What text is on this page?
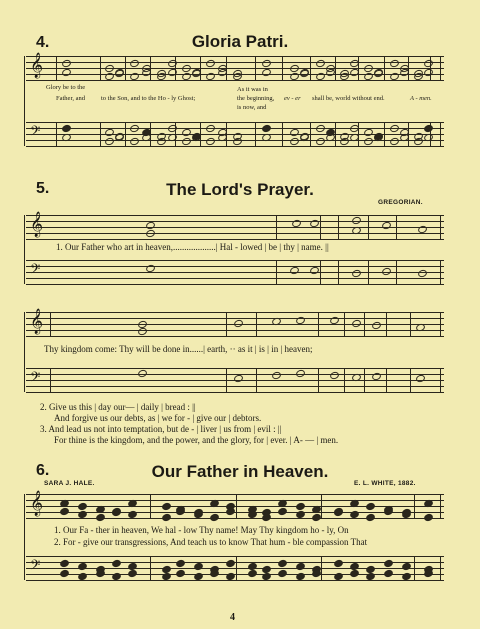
4.	Gloria Patri.
𝄞
Glory be to the
Father, and to the Son, and to the Ho - ly Ghost;
As it was in
the beginning,
is now, and
ev - er shall be, world without end.	A - men.
𝄢
5.	The Lord's Prayer.
GREGORIAN.
𝄞
1. Our Father who art in heaven,...................| Hal - lowed | be | thy | name. ||
𝄢
𝄞
Thy kingdom come: Thy will be done in......| earth, ·· as it | is | in | heaven;
𝄢
2. Give us this | day our— | daily | bread : ||
And forgive us our debts, as | we for - | give our | debtors.
3. And lead us not into temptation, but de - | liver | us from | evil : ||
For thine is the kingdom, and the power, and the glory, for | ever. | A- — | men.
6.	Our Father in Heaven.
SARA J. HALE.	E. L. WHITE, 1882.
𝄞
1. Our Fa - ther in heaven, We hal - low Thy name! May Thy kingdom ho - ly, On
2. For - give our transgressions, And teach us to know That hum - ble compassion That
𝄢
4
